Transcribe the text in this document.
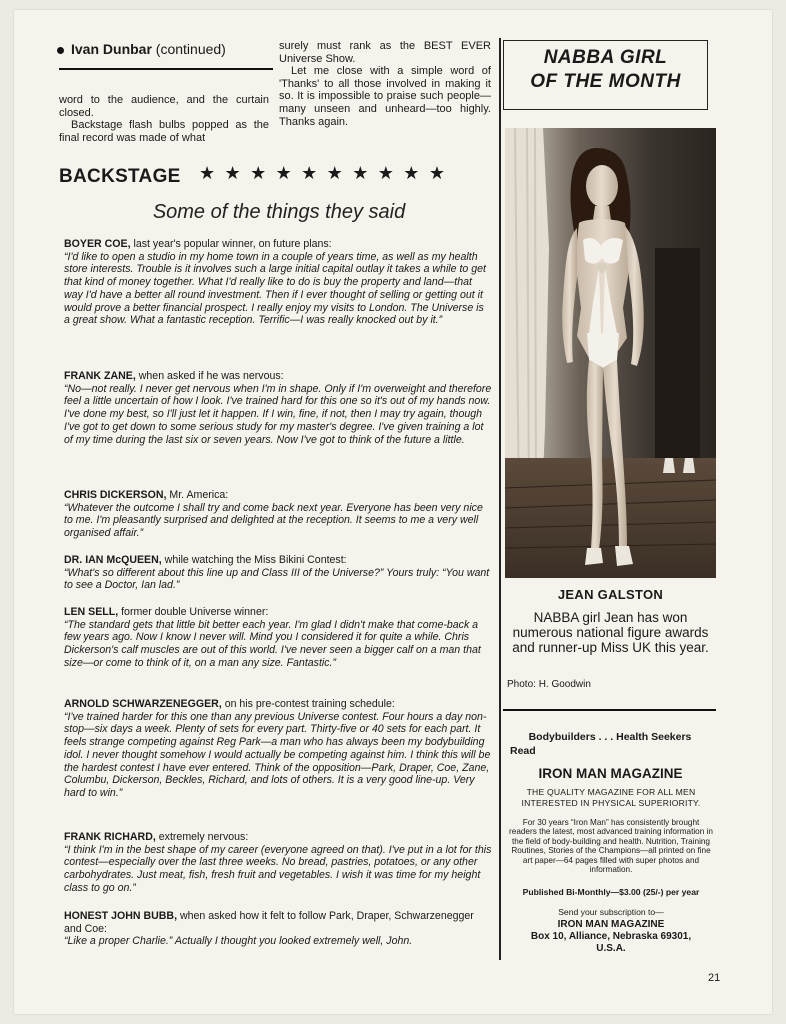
Ivan Dunbar (continued)
word to the audience, and the curtain closed.
Backstage flash bulbs popped as the final record was made of what

surely must rank as the BEST EVER Universe Show.

Let me close with a simple word of 'Thanks' to all those involved in making it so. It is impossible to praise such people—many unseen and unheard—too highly. Thanks again.

NABBA GIRL
OF THE MONTH
JEAN GALSTON
NABBA girl Jean has won numerous national figure awards and runner-up Miss UK this year.
Photo: H. Goodwin
Bodybuilders . . . Health Seekers
Read
IRON MAN MAGAZINE
THE QUALITY MAGAZINE FOR ALL MEN INTERESTED IN PHYSICAL SUPERIORITY.
For 30 years “Iron Man” has consistently brought readers the latest, most advanced training information in the field of body-building and health. Nutrition, Training Routines, Stories of the Champions—all printed on fine art paper—64 pages filled with super photos and information.
Published Bi-Monthly—$3.00 (25/-) per year
Send your subscription to—
IRON MAN MAGAZINE
Box 10, Alliance, Nebraska 69301,
U.S.A.
BACKSTAGE ★★★★★★★★★★
Some of the things they said
BOYER COE, last year's popular winner, on future plans:
“I'd like to open a studio in my home town in a couple of years time, as well as my health store interests. Trouble is it involves such a large initial capital outlay it takes a while to get that kind of money together. What I'd really like to do is buy the property and land—that way I'd have a better all round investment. Then if I ever thought of selling or getting out it would prove a better financial prospect. I really enjoy my visits to London. The Universe is a great show. What a fantastic reception. Terrific—I was really knocked out by it.”
FRANK ZANE, when asked if he was nervous:
“No—not really. I never get nervous when I'm in shape. Only if I'm overweight and therefore feel a little uncertain of how I look. I've trained hard for this one so it's out of my hands now. I've done my best, so I'll just let it happen. If I win, fine, if not, then I may try again, though I've got to get down to some serious study for my master's degree. I've given training a lot of my time during the last six or seven years. Now I've got to think of the future a little.
CHRIS DICKERSON, Mr. America:
“Whatever the outcome I shall try and come back next year. Everyone has been very nice to me. I'm pleasantly surprised and delighted at the reception. It seems to me a very well organised affair.”
DR. IAN McQUEEN, while watching the Miss Bikini Contest:
“What's so different about this line up and Class III of the Universe?” Yours truly: “You want to see a Doctor, Ian lad.”
LEN SELL, former double Universe winner:
“The standard gets that little bit better each year. I'm glad I didn't make that come-back a few years ago. Now I know I never will. Mind you I considered it for quite a while. Chris Dickerson's calf muscles are out of this world. I've never seen a bigger calf on a man that size—or come to think of it, on a man any size. Fantastic.”
ARNOLD SCHWARZENEGGER, on his pre-contest training schedule:
“I've trained harder for this one than any previous Universe contest. Four hours a day non-stop—six days a week. Plenty of sets for every part. Thirty-five or 40 sets for each part. It feels strange competing against Reg Park—a man who has always been my bodybuilding idol. I never thought somehow I would actually be competing against him. I think this will be the hardest contest I have ever entered. Think of the opposition—Park, Draper, Coe, Zane, Columbu, Dickerson, Beckles, Richard, and lots of others. It is a very good line-up. Very hard to win.”
FRANK RICHARD, extremely nervous:
“I think I'm in the best shape of my career (everyone agreed on that). I've put in a lot for this contest—especially over the last three weeks. No bread, pastries, potatoes, or any other carbohydrates. Just meat, fish, fresh fruit and vegetables. I wish it was time for my height class to go on.”
HONEST JOHN BUBB, when asked how it felt to follow Park, Draper, Schwarzenegger and Coe:
“Like a proper Charlie.” Actually I thought you looked extremely well, John.
21
